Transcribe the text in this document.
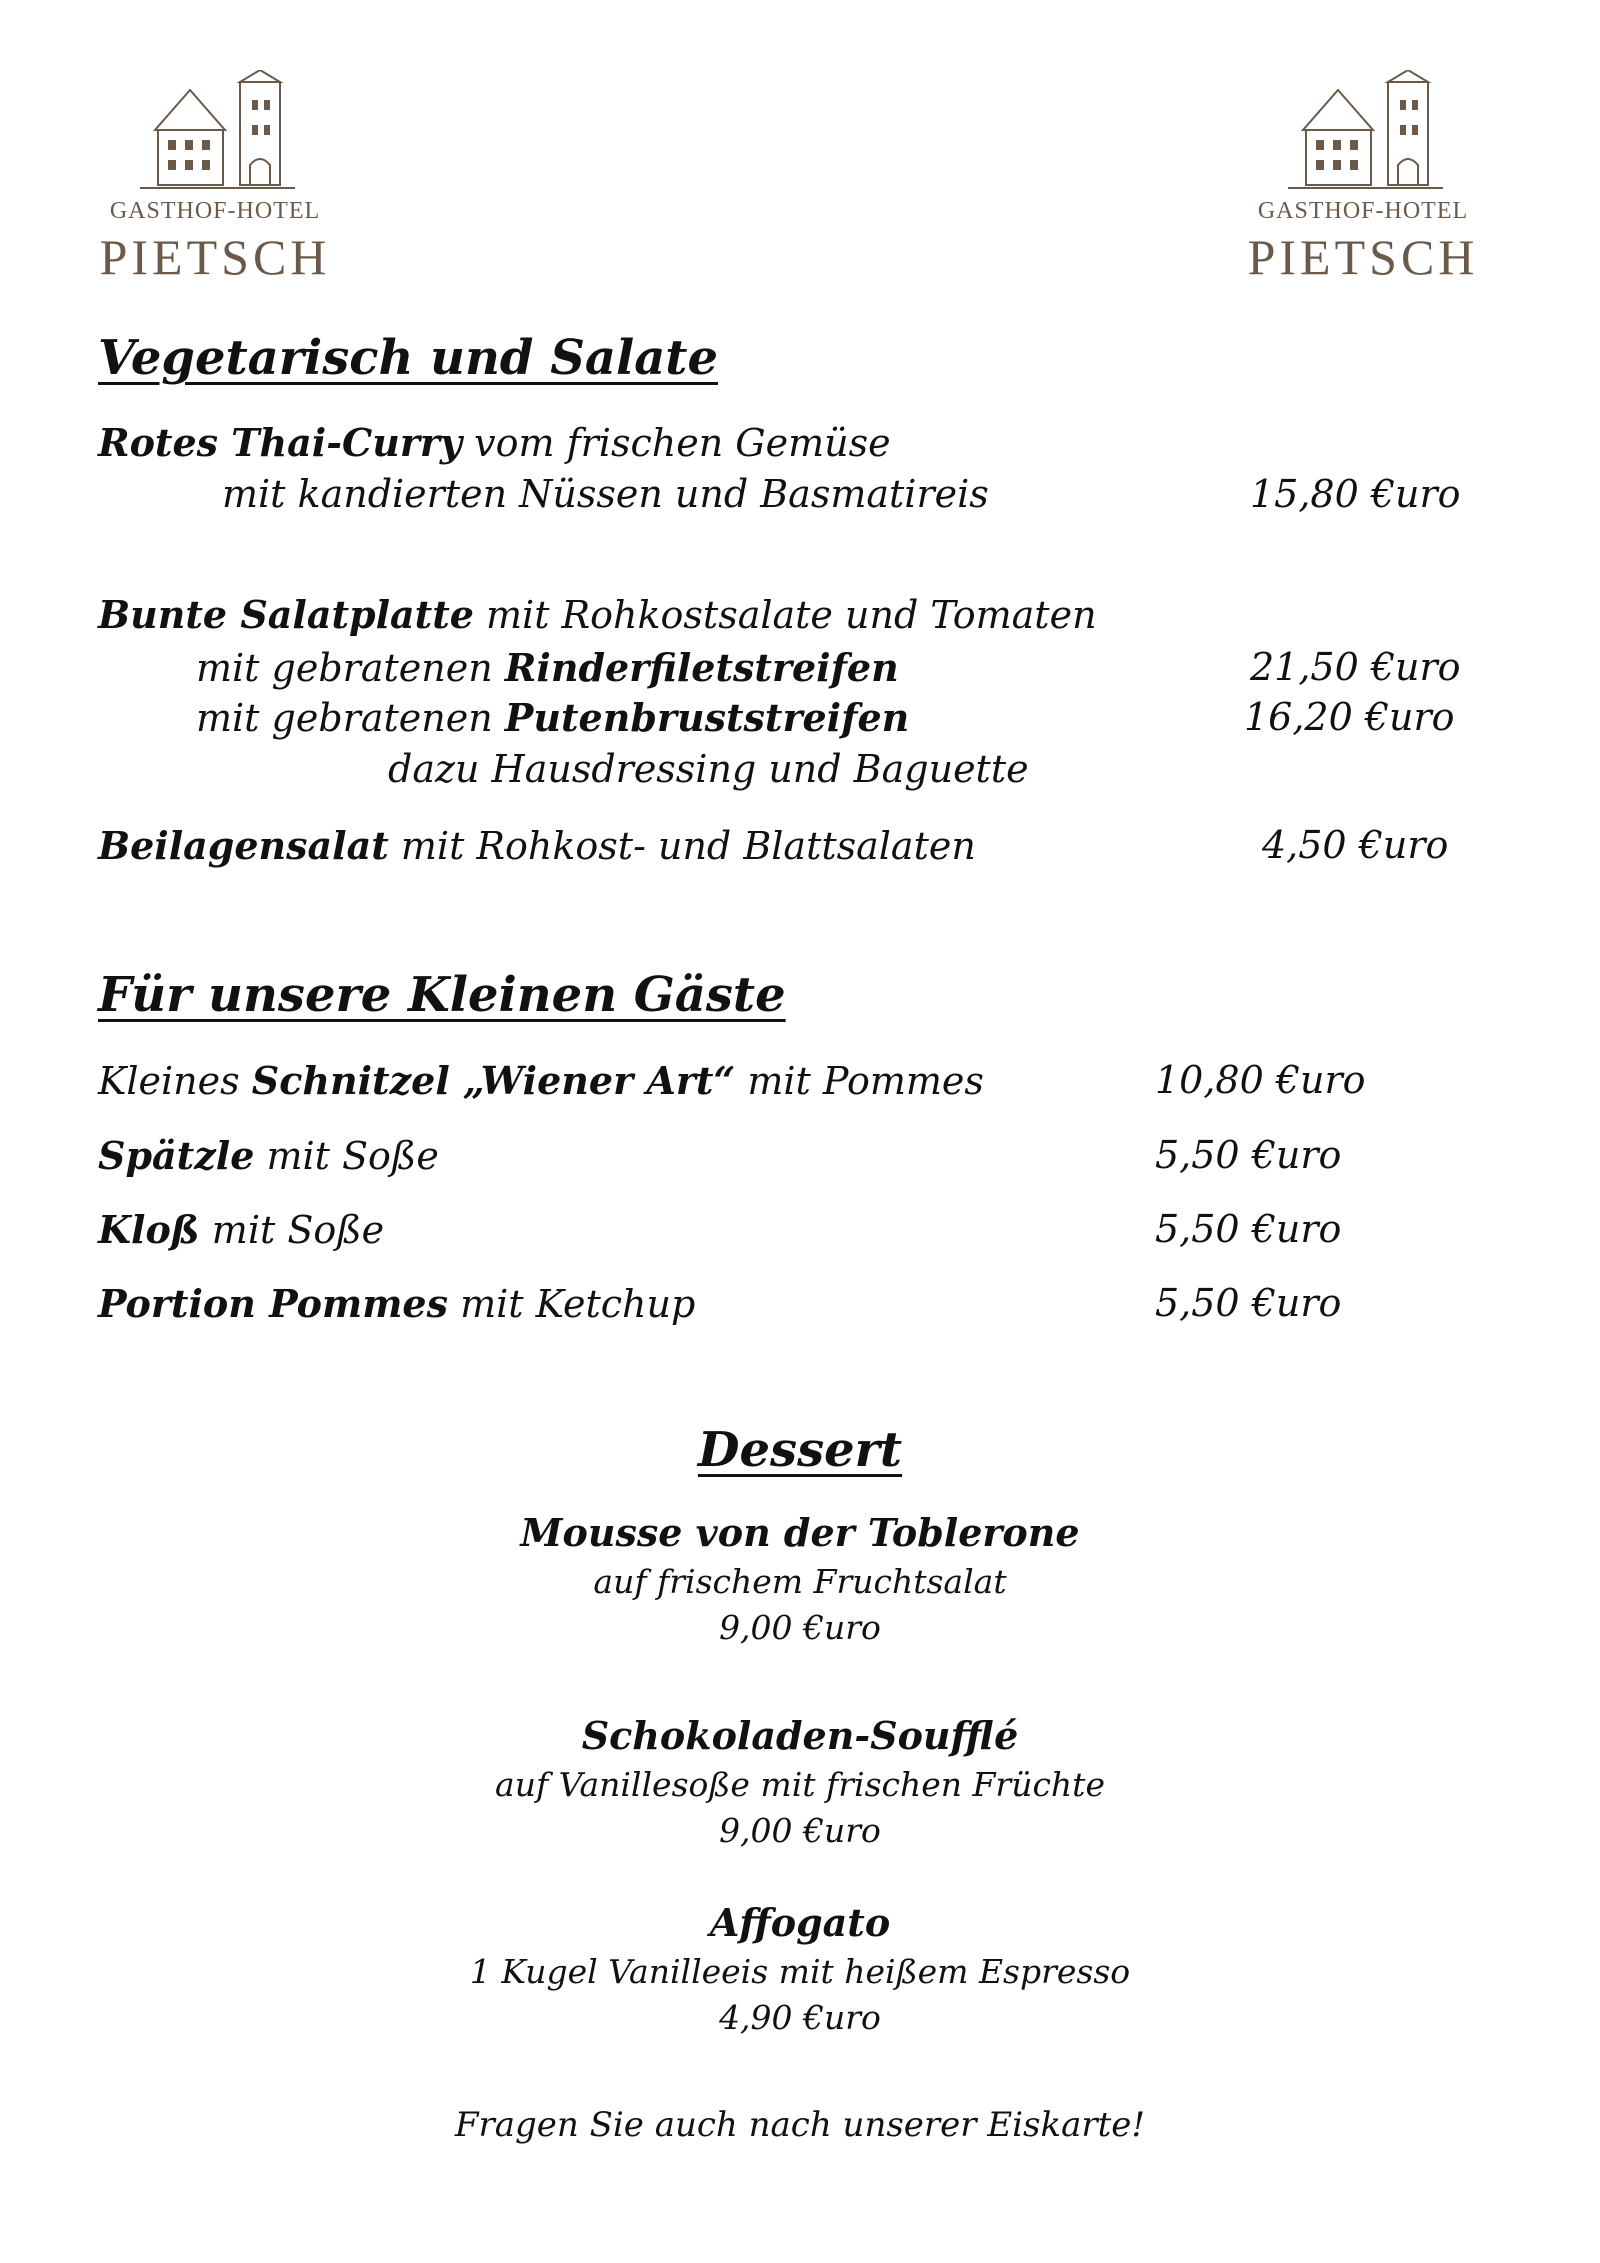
GASTHOF-HOTEL
PIETSCH
GASTHOF-HOTEL
PIETSCH
Vegetarisch und Salate
Rotes Thai-Curry vom frischen Gemüse
mit kandierten Nüssen und Basmatireis	15,80 €uro
Bunte Salatplatte mit Rohkostsalate und Tomaten
mit gebratenen Rinderfiletstreifen	21,50 €uro
mit gebratenen Putenbruststreifen	16,20 €uro
dazu Hausdressing und Baguette
Beilagensalat mit Rohkost- und Blattsalaten	4,50 €uro
Für unsere Kleinen Gäste
Kleines Schnitzel „Wiener Art“ mit Pommes	10,80 €uro
Spätzle mit Soße	5,50 €uro
Kloß mit Soße	5,50 €uro
Portion Pommes mit Ketchup	5,50 €uro
Dessert
Mousse von der Toblerone
auf frischem Fruchtsalat
9,00 €uro
Schokoladen-Soufflé
auf Vanillesoße mit frischen Früchte
9,00 €uro
Affogato
1 Kugel Vanilleeis mit heißem Espresso
4,90 €uro
Fragen Sie auch nach unserer Eiskarte!
